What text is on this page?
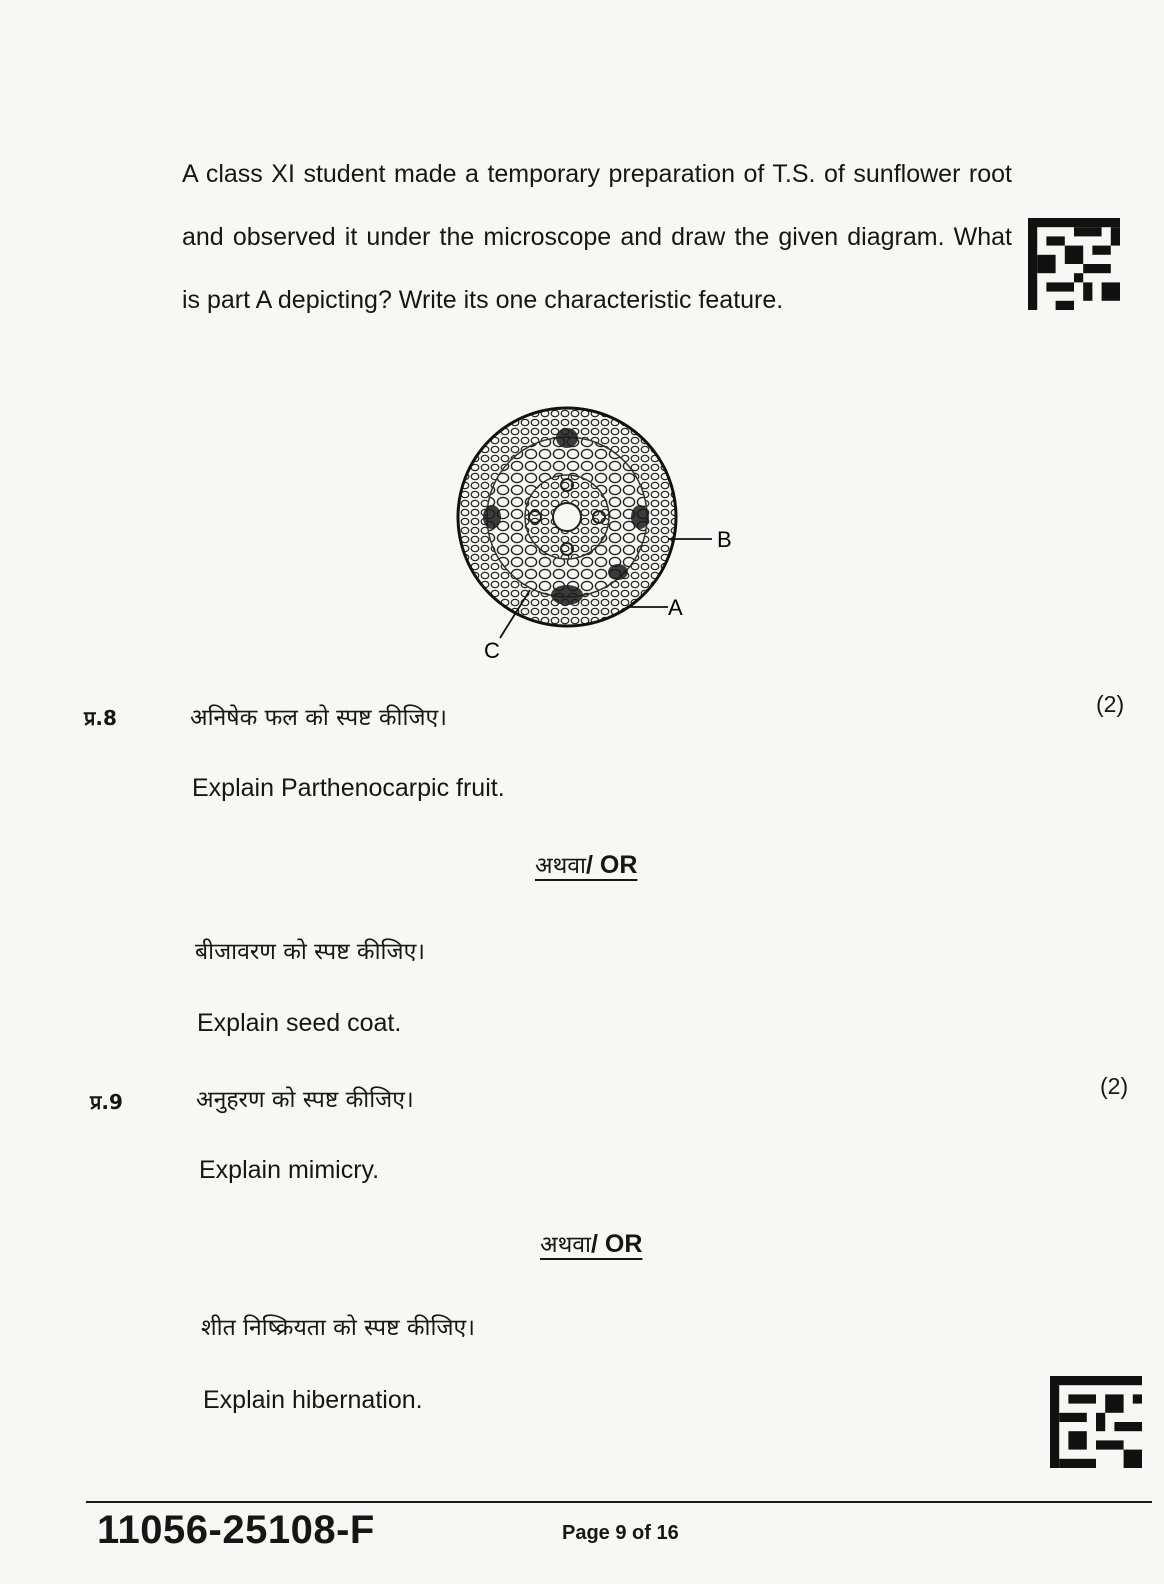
A class XI student made a temporary preparation of T.S. of sunflower root and observed it under the microscope and draw the given diagram. What is part A depicting? Write its one characteristic feature.

B
A
C
प्र.8	अनिषेक फल को स्पष्ट कीजिए।
(2)
Explain Parthenocarpic fruit.
अथवा/ OR
बीजावरण को स्पष्ट कीजिए।
Explain seed coat.
प्र.9	अनुहरण को स्पष्ट कीजिए।
(2)
Explain mimicry.
अथवा/ OR
शीत निष्क्रियता को स्पष्ट कीजिए।
Explain hibernation.
11056-25108-F	Page 9 of 16
